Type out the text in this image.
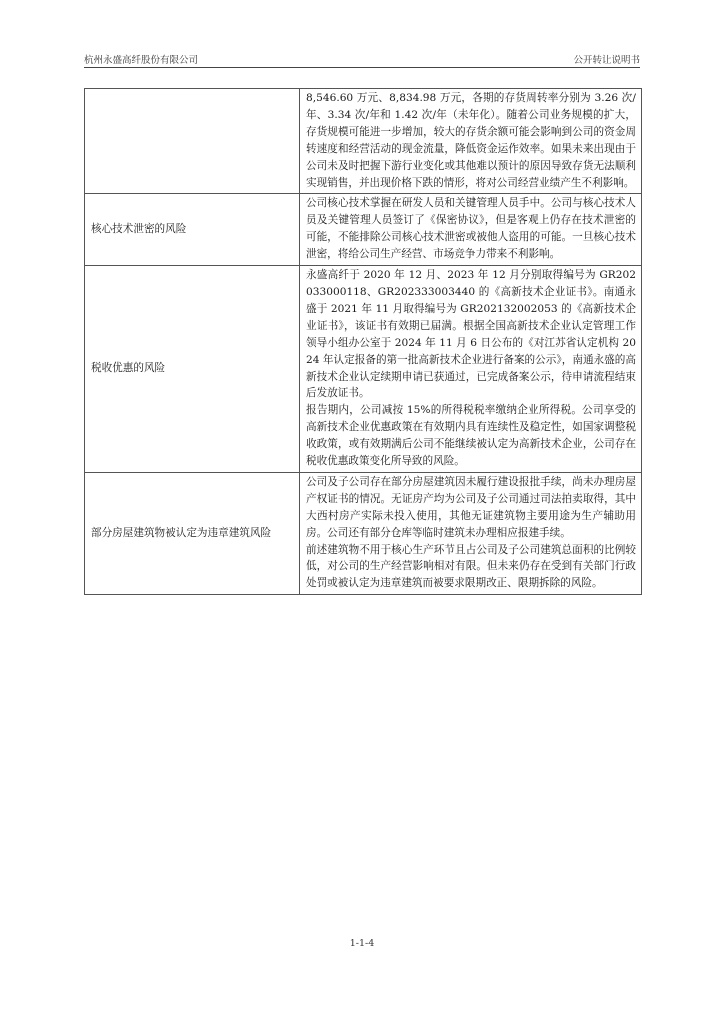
杭州永盛高纤股份有限公司	公开转让说明书

	8,546.60 万元、8,834.98 万元，各期的存货周转率分别为 3.26 次/年、3.34 次/年和 1.42 次/年（未年化）。随着公司业务规模的扩大，存货规模可能进一步增加，较大的存货余额可能会影响到公司的资金周转速度和经营活动的现金流量，降低资金运作效率。如果未来出现由于公司未及时把握下游行业变化或其他难以预计的原因导致存货无法顺利实现销售，并出现价格下跌的情形，将对公司经营业绩产生不利影响。

核心技术泄密的风险	公司核心技术掌握在研发人员和关键管理人员手中。公司与核心技术人员及关键管理人员签订了《保密协议》，但是客观上仍存在技术泄密的可能，不能排除公司核心技术泄密或被他人盗用的可能。一旦核心技术泄密，将给公司生产经营、市场竞争力带来不利影响。

税收优惠的风险	永盛高纤于 2020 年 12 月、2023 年 12 月分别取得编号为 GR202033000118、GR202333003440 的《高新技术企业证书》。南通永盛于 2021 年 11 月取得编号为 GR202132002053 的《高新技术企业证书》，该证书有效期已届满。根据全国高新技术企业认定管理工作领导小组办公室于 2024 年 11 月 6 日公布的《对江苏省认定机构 2024 年认定报备的第一批高新技术企业进行备案的公示》，南通永盛的高新技术企业认定续期申请已获通过，已完成备案公示，待申请流程结束后发放证书。

报告期内，公司减按 15%的所得税税率缴纳企业所得税。公司享受的高新技术企业优惠政策在有效期内具有连续性及稳定性，如国家调整税收政策，或有效期满后公司不能继续被认定为高新技术企业，公司存在税收优惠政策变化所导致的风险。

部分房屋建筑物被认定为违章建筑风险	公司及子公司存在部分房屋建筑因未履行建设报批手续，尚未办理房屋产权证书的情况。无证房产均为公司及子公司通过司法拍卖取得，其中大西村房产实际未投入使用，其他无证建筑物主要用途为生产辅助用房。公司还有部分仓库等临时建筑未办理相应报建手续。

前述建筑物不用于核心生产环节且占公司及子公司建筑总面积的比例较低，对公司的生产经营影响相对有限。但未来仍存在受到有关部门行政处罚或被认定为违章建筑而被要求限期改正、限期拆除的风险。

1-1-4
